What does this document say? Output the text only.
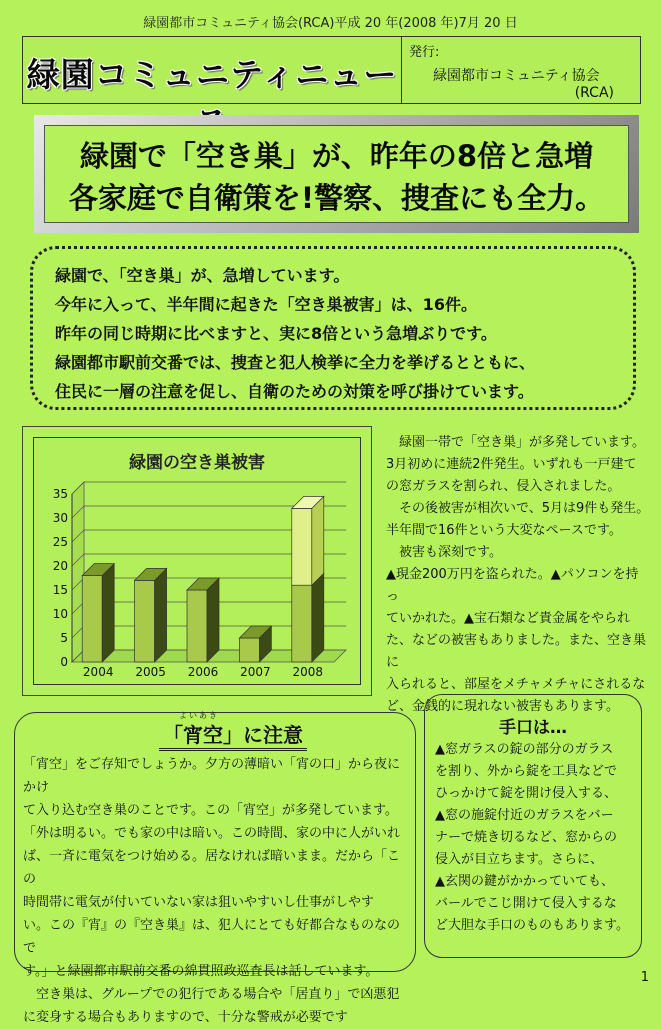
緑園都市コミュニティ協会(RCA)平成 20 年(2008 年)7月 20 日
緑園コミュニティニュー
発行:
緑園都市コミュニティ協会
(RCA)
緑園で「空き巣」が、昨年の8倍と急増
各家庭で自衛策を!警察、捜査にも全力。
緑園で、「空き巣」が、急増しています。
今年に入って、半年間に起きた「空き巣被害」は、16件。
昨年の同じ時期に比べますと、実に8倍という急増ぶりです。
緑園都市駅前交番では、捜査と犯人検挙に全力を挙げるとともに、
住民に一層の注意を促し、自衛のための対策を呼び掛けています。
緑園の空き巣被害
0
5
10
15
20
25
30
35
2004 2005 2006 2007 2008

緑園一帯で「空き巣」が多発しています。

3月初めに連続2件発生。いずれも一戸建て

の窓ガラスを割られ、侵入されました。

その後被害が相次いで、5月は9件も発生。

半年間で16件という大変なペースです。

被害も深刻です。

▲現金200万円を盗られた。▲パソコンを持っ

ていかれた。▲宝石類など貴金属をやられ

た、などの被害もありました。また、空き巣に

入られると、部屋をメチャメチャにされるな

ど、金銭的に現れない被害もあります。

よいあき
「宵空」に注意

「宵空」をご存知でしょうか。夕方の薄暗い「宵の口」から夜にかけ

て入り込む空き巣のことです。この「宵空」が多発しています。

「外は明るい。でも家の中は暗い。この時間、家の中に人がいれ

ば、一斉に電気をつけ始める。居なければ暗いまま。だから「この

時間帯に電気が付いていない家は狙いやすいし仕事がしやす

い。この『宵』の『空き巣』は、犯人にとても好都合なものなので

す。」と緑園都市駅前交番の綿貫照政巡査長は話しています。

空き巣は、グループでの犯行である場合や「居直り」で凶悪犯

に変身する場合もありますので、十分な警戒が必要です

手口は…

▲窓ガラスの錠の部分のガラス

を割り、外から錠を工具などで

ひっかけて錠を開け侵入する、

▲窓の施錠付近のガラスをバー

ナーで焼き切るなど、窓からの

侵入が目立ちます。さらに、

▲玄関の鍵がかかっていても、

バールでこじ開けて侵入するな

ど大胆な手口のものもあります。

1
